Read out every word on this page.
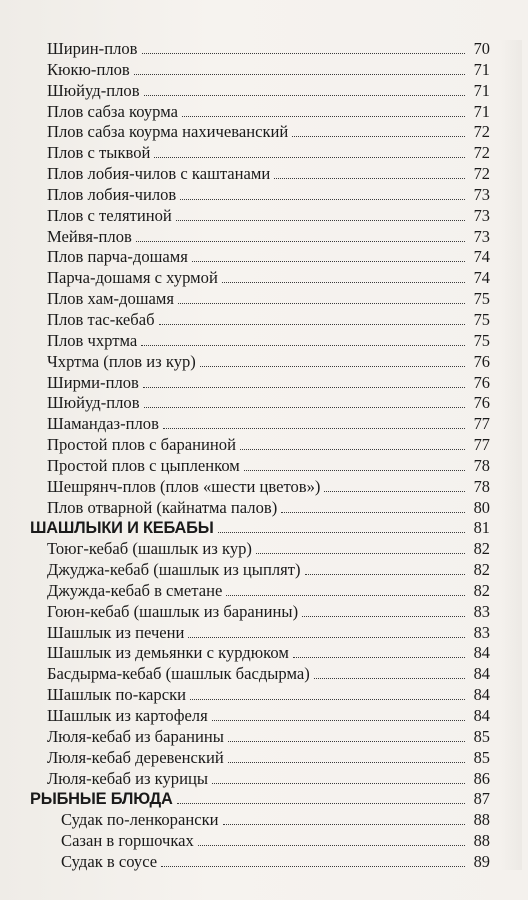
Ширин-плов	70
Кюкю-плов	71
Шюйуд-плов	71
Плов сабза коурма	71
Плов сабза коурма нахичеванский	72
Плов с тыквой	72
Плов лобия-чилов с каштанами	72
Плов лобия-чилов	73
Плов с телятиной	73
Мейвя-плов	73
Плов парча-дошамя	74
Парча-дошамя с хурмой	74
Плов хам-дошамя	75
Плов тас-кебаб	75
Плов чхртма	75
Чхртма (плов из кур)	76
Ширми-плов	76
Шюйуд-плов	76
Шамандаз-плов	77
Простой плов с бараниной	77
Простой плов с цыпленком	78
Шешрянч-плов (плов «шести цветов»)	78
Плов отварной (кайнатма палов)	80
ШАШЛЫКИ И КЕБАБЫ	81
Тоюг-кебаб (шашлык из кур)	82
Джуджа-кебаб (шашлык из цыплят)	82
Джужда-кебаб в сметане	82
Гоюн-кебаб (шашлык из баранины)	83
Шашлык из печени	83
Шашлык из демьянки с курдюком	84
Басдырма-кебаб (шашлык басдырма)	84
Шашлык по-карски	84
Шашлык из картофеля	84
Люля-кебаб из баранины	85
Люля-кебаб деревенский	85
Люля-кебаб из курицы	86
РЫБНЫЕ БЛЮДА	87
Судак по-ленкорански	88
Сазан в горшочках	88
Судак в соусе	89
